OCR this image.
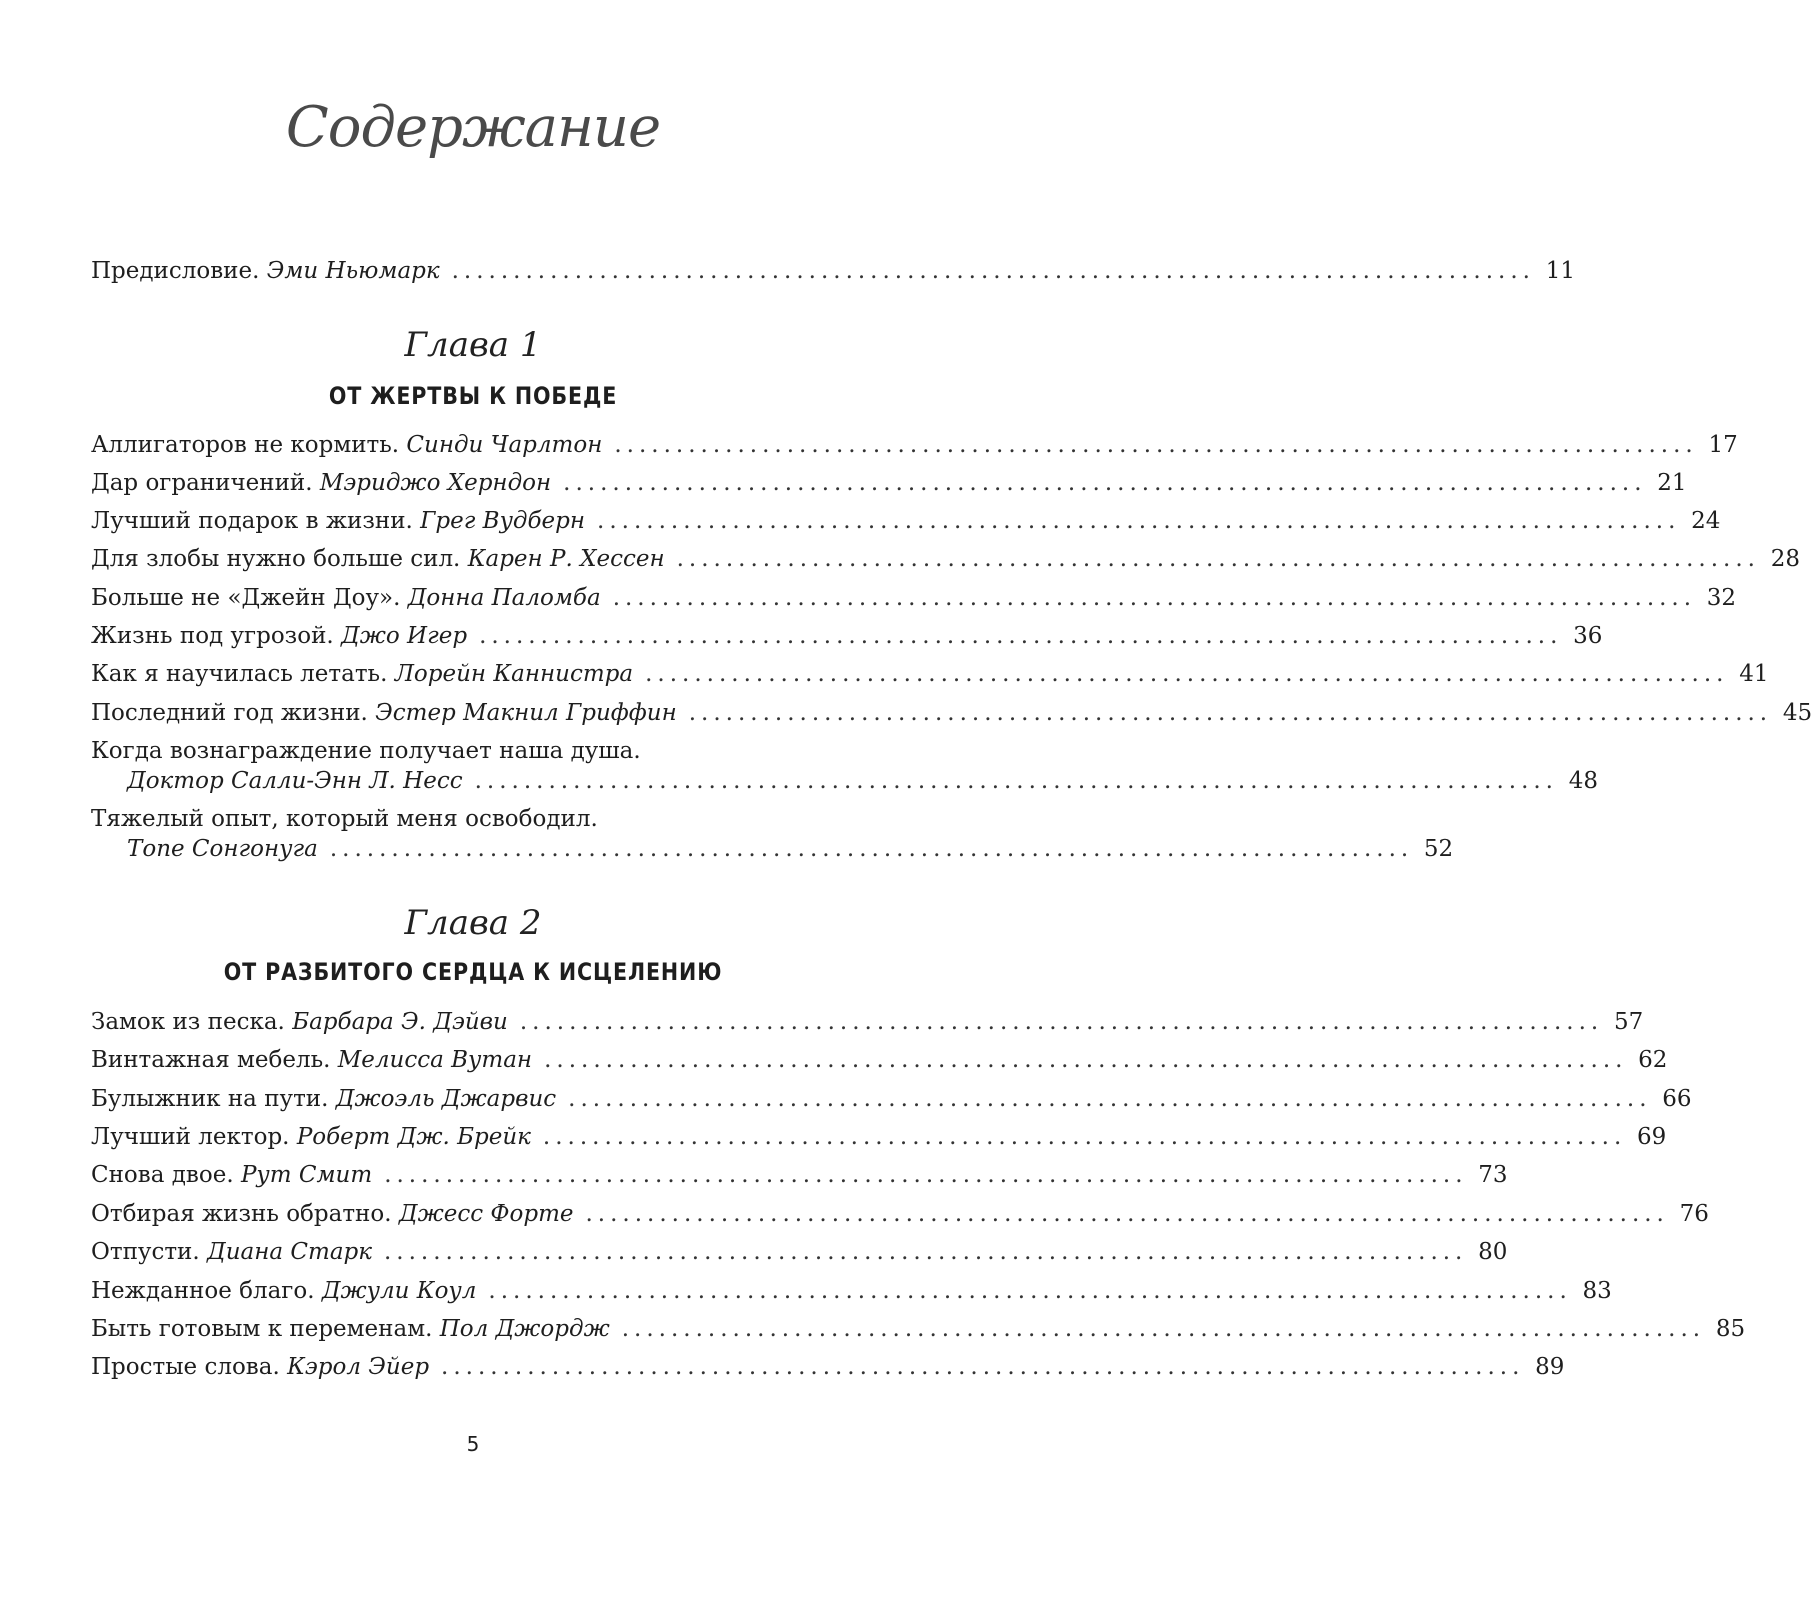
Содержание
Предисловие.
Эми Ньюмарк ........................................................................................ 11
Глава 1
ОТ ЖЕРТВЫ К ПОБЕДЕ
Аллигаторов не кормить.
Синди Чарлтон ........................................................................................ 17
Дар ограничений.
Мэриджо Херндон ........................................................................................ 21
Лучший подарок в жизни.
Грег Вудберн ........................................................................................ 24
Для злобы нужно больше сил.
Карен Р. Хессен ........................................................................................ 28
Больше не «Джейн Доу».
Донна Паломба ........................................................................................ 32
Жизнь под угрозой.
Джо Игер ........................................................................................ 36
Как я научилась летать.
Лорейн Каннистра ........................................................................................ 41
Последний год жизни.
Эстер Макнил Гриффин ........................................................................................ 45
Когда вознаграждение получает наша душа.
Доктор Салли-Энн Л. Несс ........................................................................................ 48
Тяжелый опыт, который меня освободил.
Топе Сонгонуга ........................................................................................ 52
Глава 2
ОТ РАЗБИТОГО СЕРДЦА К ИСЦЕЛЕНИЮ
Замок из песка.
Барбара Э. Дэйви ........................................................................................ 57
Винтажная мебель.
Мелисса Вутан ........................................................................................ 62
Булыжник на пути.
Джоэль Джарвис ........................................................................................ 66
Лучший лектор.
Роберт Дж. Брейк ........................................................................................ 69
Снова двое.
Рут Смит ........................................................................................ 73
Отбирая жизнь обратно.
Джесс Форте ........................................................................................ 76
Отпусти.
Диана Старк ........................................................................................ 80
Нежданное благо.
Джули Коул ........................................................................................ 83
Быть готовым к переменам.
Пол Джордж ........................................................................................ 85
Простые слова.
Кэрол Эйер ........................................................................................ 89
5
